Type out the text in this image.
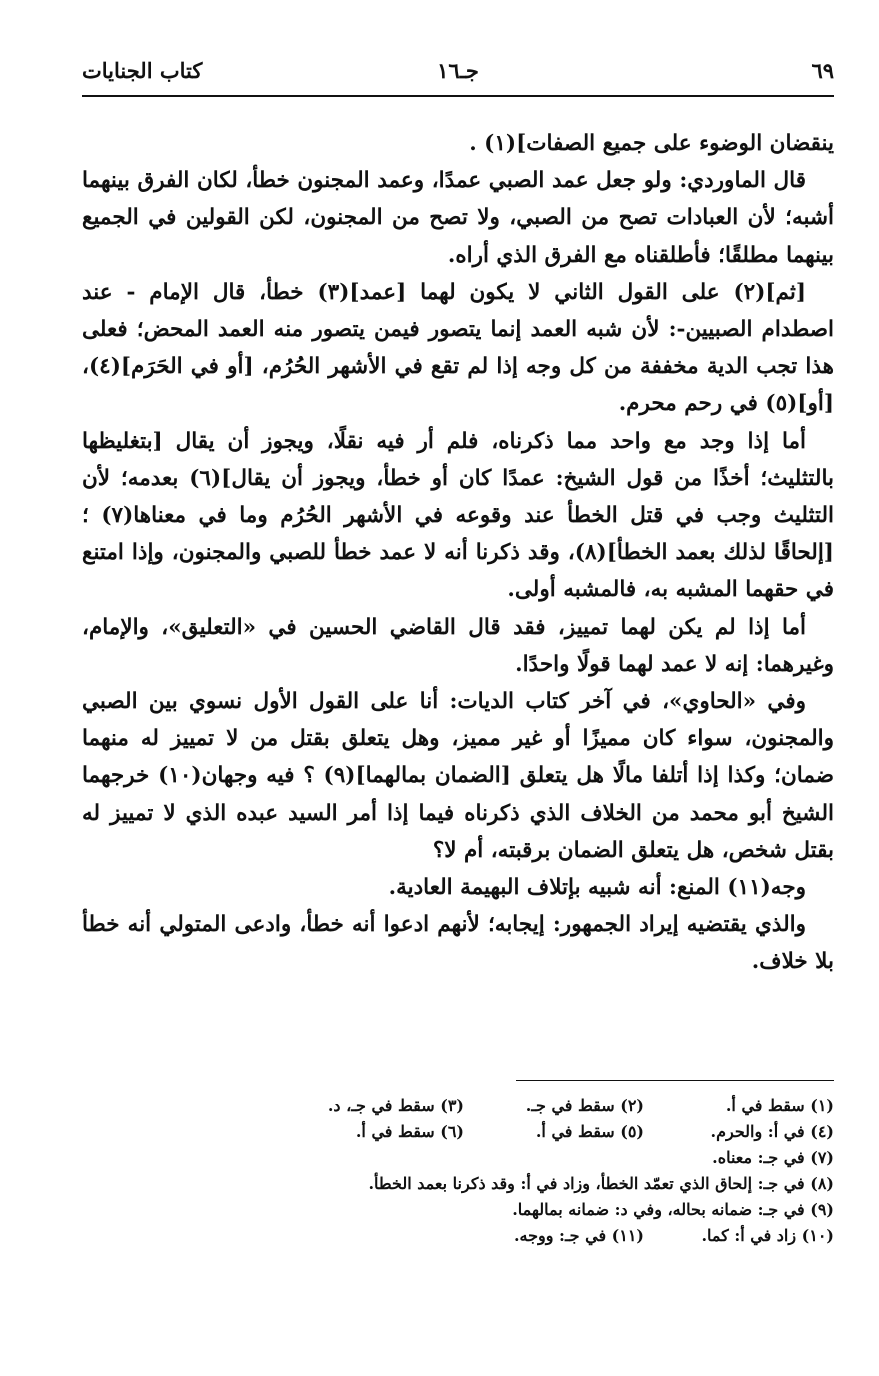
٦٩
جـ١٦
كتاب الجنايات

ينقضان الوضوء على جميع الصفات](١) .

قال الماوردي: ولو جعل عمد الصبي عمدًا، وعمد المجنون خطأ، لكان الفرق بينهما أشبه؛ لأن العبادات تصح من الصبي، ولا تصح من المجنون، لكن القولين في الجميع بينهما مطلقًا؛ فأطلقناه مع الفرق الذي أراه.

[ثم](٢) على القول الثاني لا يكون لهما [عمد](٣) خطأ، قال الإمام - عند اصطدام الصبيين-: لأن شبه العمد إنما يتصور فيمن يتصور منه العمد المحض؛ فعلى هذا تجب الدية مخففة من كل وجه إذا لم تقع في الأشهر الحُرُم، [أو في الحَرَم](٤)، [أو](٥) في رحم محرم.

أما إذا وجد مع واحد مما ذكرناه، فلم أر فيه نقلًا، ويجوز أن يقال [بتغليظها بالتثليث؛ أخذًا من قول الشيخ: عمدًا كان أو خطأ، ويجوز أن يقال](٦) بعدمه؛ لأن التثليث وجب في قتل الخطأ عند وقوعه في الأشهر الحُرُم وما في معناها(٧) ؛ [إلحاقًا لذلك بعمد الخطأ](٨)، وقد ذكرنا أنه لا عمد خطأ للصبي والمجنون، وإذا امتنع في حقهما المشبه به، فالمشبه أولى.

أما إذا لم يكن لهما تمييز، فقد قال القاضي الحسين في «التعليق»، والإمام، وغيرهما: إنه لا عمد لهما قولًا واحدًا.

وفي «الحاوي»، في آخر كتاب الديات: أنا على القول الأول نسوي بين الصبي والمجنون، سواء كان مميزًا أو غير مميز، وهل يتعلق بقتل من لا تمييز له منهما ضمان؛ وكذا إذا أتلفا مالًا هل يتعلق [الضمان بمالهما](٩) ؟ فيه وجهان(١٠) خرجهما الشيخ أبو محمد من الخلاف الذي ذكرناه فيما إذا أمر السيد عبده الذي لا تمييز له بقتل شخص، هل يتعلق الضمان برقبته، أم لا؟

وجه(١١) المنع: أنه شبيه بإتلاف البهيمة العادية.

والذي يقتضيه إيراد الجمهور: إيجابه؛ لأنهم ادعوا أنه خطأ، وادعى المتولي أنه خطأ بلا خلاف.

(١) سقط في أ.
(٢) سقط في جـ.
(٣) سقط في جـ، د.
(٤) في أ: والحرم.
(٥) سقط في أ.
(٦) سقط في أ.
(٧) في جـ: معناه.
(٨) في جـ: إلحاق الذي تعمّد الخطأ، وزاد في أ: وقد ذكرنا بعمد الخطأ.
(٩) في جـ: ضمانه بحاله، وفي د: ضمانه بمالهما.
(١٠) زاد في أ: كما.
(١١) في جـ: ووجه.
